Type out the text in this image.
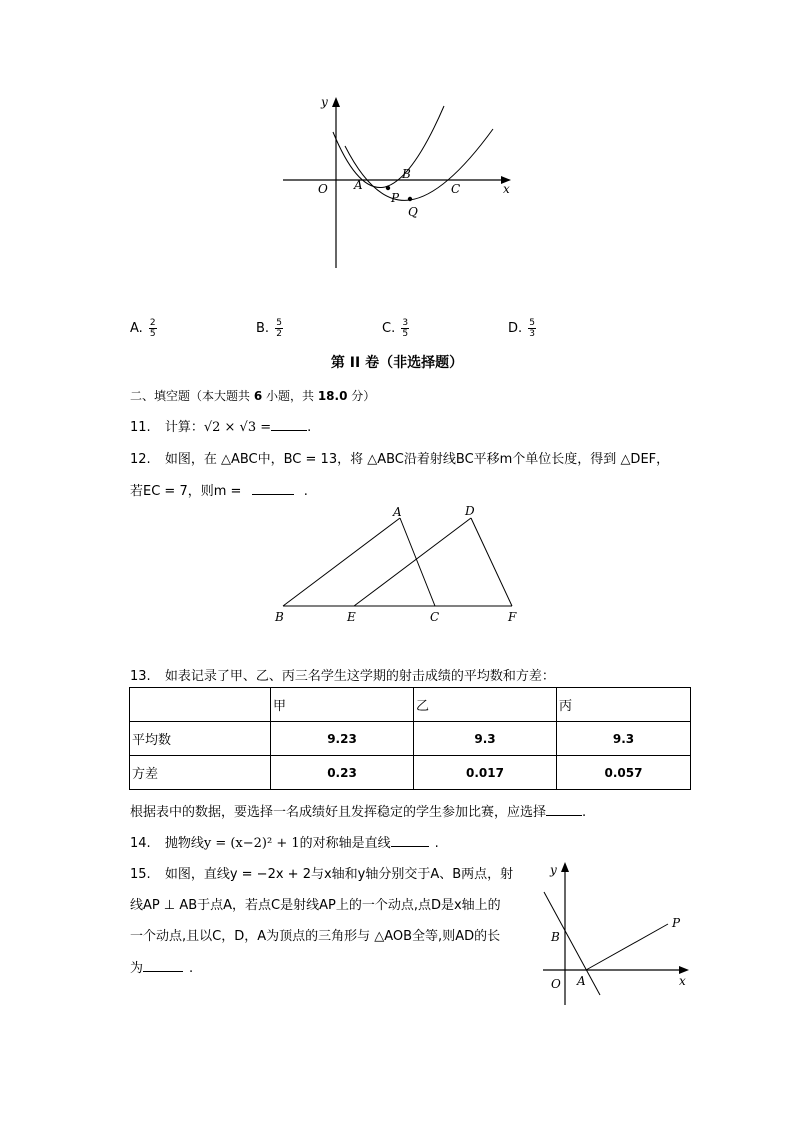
y
x
O A
B
P
Q
C
A. $\frac{2}{5}$	B. $\frac{5}{2}$	C. $\frac{3}{5}$	D. $\frac{5}{3}$
第 II 卷（非选择题）
二、填空题（本大题共 6 小题，共 18.0 分）
11. 计算：√2 × √3 =	.
12. 如图，在 △ABC中，BC = 13，将 △ABC沿着射线BC平移m个单位长度，得到 △DEF，
若EC = 7，则m =	.
A	D
B	E	C	F
13. 如表记录了甲、乙、丙三名学生这学期的射击成绩的平均数和方差：
	甲	乙	丙
平均数	9.23	9.3	9.3
方差	0.23	0.017	0.057
根据表中的数据，要选择一名成绩好且发挥稳定的学生参加比赛，应选择	.
14. 抛物线y = (x−2)² + 1的对称轴是直线	.
15. 如图，直线y = −2x + 2与x轴和y轴分别交于A、B两点，射
线AP ⊥ AB于点A，若点C是射线AP上的一个动点,点D是x轴上的
一个动点,且以C，D，A为顶点的三角形与 △AOB全等,则AD的长
为	.
y
x
O A
B
P
